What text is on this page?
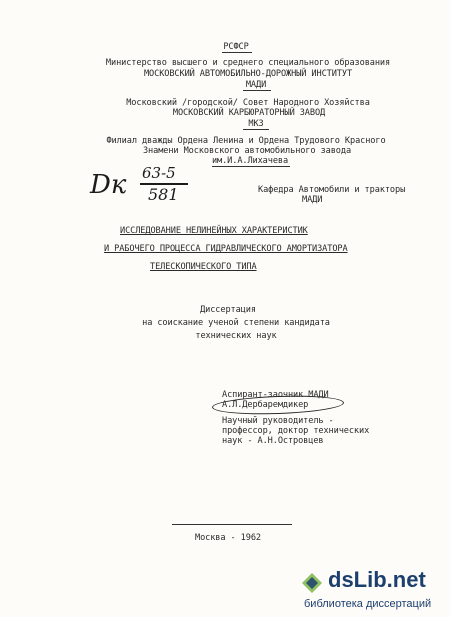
РСФСР
Министерство высшего и среднего специального образования
МОСКОВСКИЙ АВТОМОБИЛЬНО-ДОРОЖНЫЙ ИНСТИТУТ
МАДИ
Московский /городской/ Совет Народного Хозяйства
МОСКОВСКИЙ КАРБЮРАТОРНЫЙ ЗАВОД
МКЗ
Филиал дважды Ордена Ленина и Ордена Трудового Красного
Знамени Московского автомобильного завода
им.И.А.Лихачева
Dк 63-5
581	Кафедра Автомобили и тракторы
МАДИ
ИССЛЕДОВАНИЕ НЕЛИНЕЙНЫХ ХАРАКТЕРИСТИК
И РАБОЧЕГО ПРОЦЕССА ГИДРАВЛИЧЕСКОГО АМОРТИЗАТОРА
ТЕЛЕСКОПИЧЕСКОГО ТИПА
Диссертация
на соискание ученой степени кандидата
технических наук
Аспирант-заочник МАДИ
А.Л.Дербаремдикер
Научный руководитель -
профессор, доктор технических
наук - А.Н.Островцев
Москва - 1962
dsLib.net
библиотека диссертаций
